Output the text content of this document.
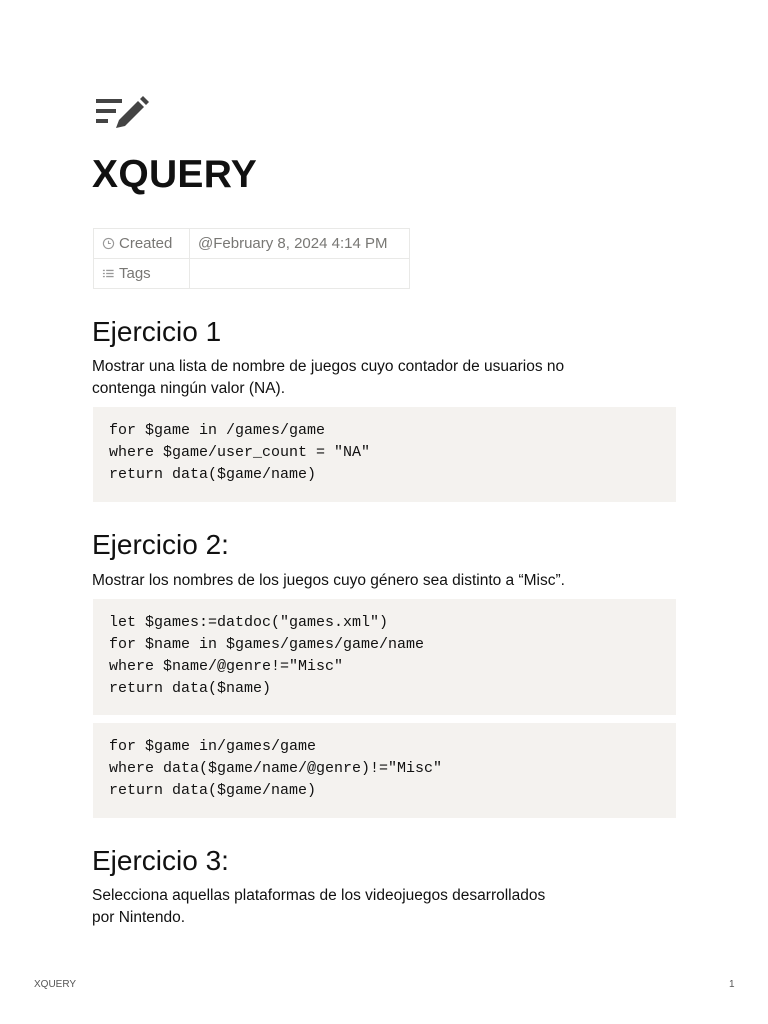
XQUERY
Created	@February 8, 2024 4:14 PM
Tags	
Ejercicio 1

Mostrar una lista de nombre de juegos cuyo contador de usuarios no
contenga ningún valor (NA).

for $game in /games/game
where $game/user_count = "NA"
return data($game/name)
Ejercicio 2:

Mostrar los nombres de los juegos cuyo género sea distinto a “Misc”.

let $games:=datdoc("games.xml")
for $name in $games/games/game/name
where $name/@genre!="Misc"
return data($name)
for $game in/games/game
where data($game/name/@genre)!="Misc"
return data($game/name)
Ejercicio 3:

Selecciona aquellas plataformas de los videojuegos desarrollados
por Nintendo.

XQUERY	1
